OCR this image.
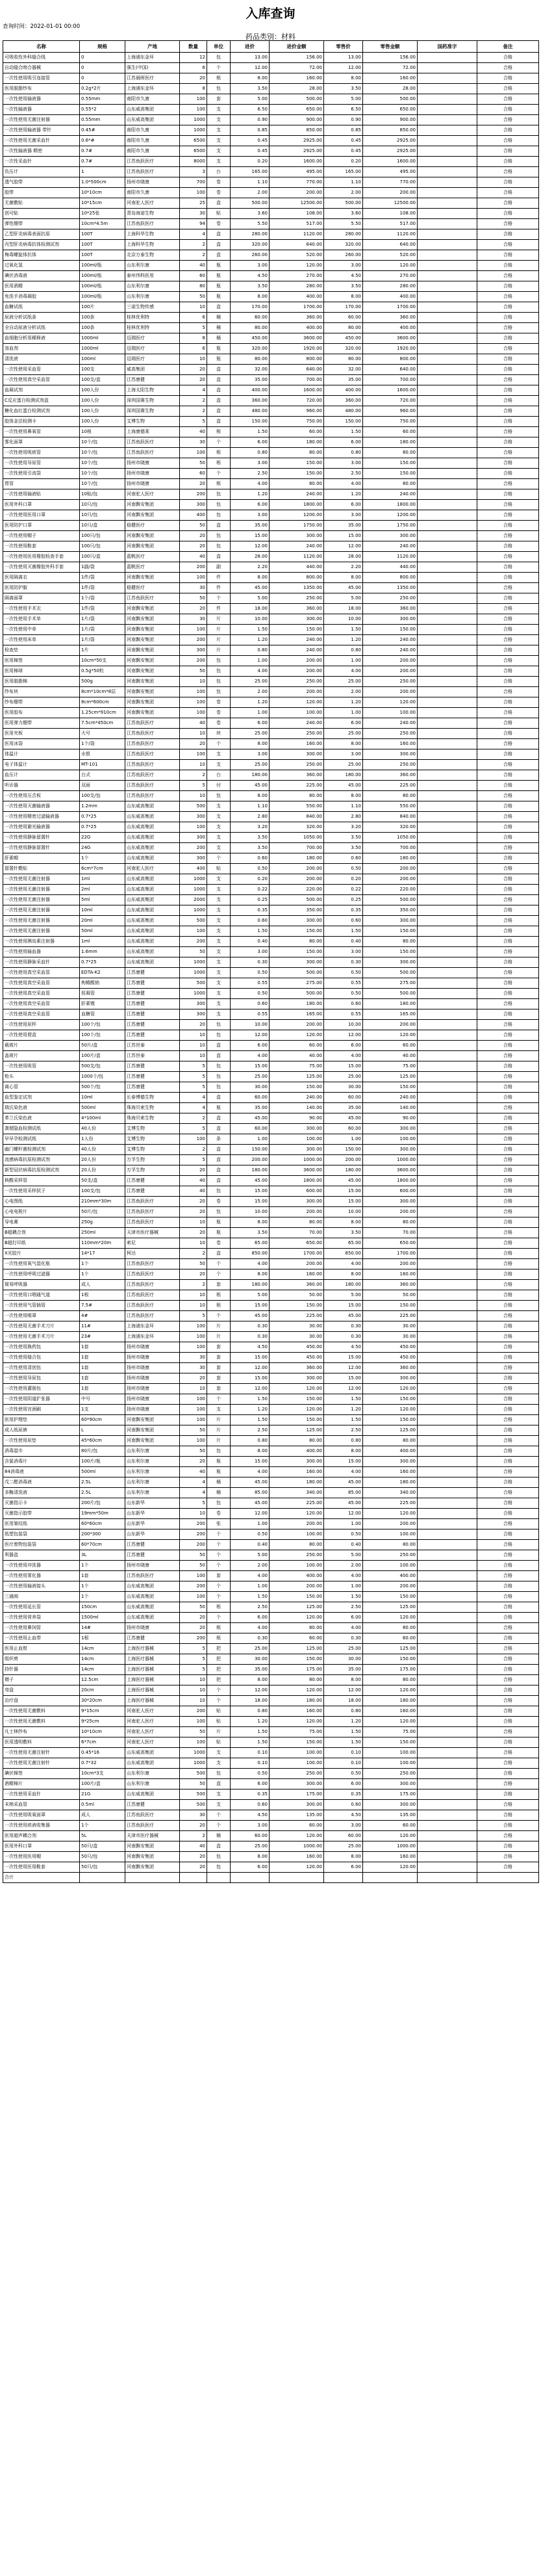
入库查询
查询时间：2022-01-01 00:00
药品类别：材料
名称	规格	产地	数量	单位	进价	进价金额	零售价	零售金额	国药准字	备注
可吸收性外科缝合线	0	上海浦东金环	12	包	13.00	156.00	13.00	156.00		合格
自动缝合吻合器械	0	强生(中国)	6	个	12.00	72.00	12.00	72.00		合格
一次性使用吸引连接管	0	江苏晨晖医疗	20	根	8.00	160.00	8.00	160.00		合格
医用脱脂纱布	0.2g*2片	上海浦东金环	8	包	3.50	28.00	3.50	28.00		合格
一次性使用输液器	0.55mm	南阳市久康	100	套	5.00	500.00	5.00	500.00		合格
一次性输液器	0.55*2	山东威高集团	100	支	6.50	650.00	6.50	650.00		合格
一次性使用无菌注射器	0.55mm	山东威高集团	1000	支	0.90	900.00	0.90	900.00		合格
一次性使用输液器 带针	0.45#	南阳市久康	1000	支	0.85	850.00	0.85	850.00		合格
一次性使用无菌采血针	0.6*#	南阳市久康	6500	支	0.45	2925.00	0.45	2925.00		合格
一次性输液器 精密	0.7#	南阳市久康	6500	支	0.45	2925.00	0.45	2925.00		合格
一次性采血针	0.7#	江苏鱼跃医疗	8000	支	0.20	1600.00	0.20	1600.00		合格
负压计	1	江苏鱼跃医疗	3	台	165.00	495.00	165.00	495.00		合格
透气胶带	1.0*500cm	扬州市晓康	700	卷	1.10	770.00	1.10	770.00		合格
胶带	10*10cm	南阳市久康	100	卷	2.00	200.00	2.00	200.00		合格
无菌敷贴	10*15cm	河南驼人医疗	25	盒	500.00	12500.00	500.00	12500.00		合格
创可贴	10*25张	青岛海诺生物	30	贴	3.60	108.00	3.60	108.00		合格
弹性绷带	10cm*4.5m	江苏鱼跃医疗	94	卷	5.50	517.00	5.50	517.00		合格
乙型肝炎病毒表面抗原	100T	上海科华生物	4	盒	280.00	1120.00	280.00	1120.00		合格
丙型肝炎病毒抗体检测试剂	100T	上海科华生物	2	盒	320.00	640.00	320.00	640.00		合格
梅毒螺旋体抗体	100T	北京万泰生物	2	盒	260.00	520.00	260.00	520.00		合格
过氧化氢	100ml/瓶	山东利尔康	40	瓶	3.00	120.00	3.00	120.00		合格
碘伏消毒液	100ml/瓶	泰州伟科医用	60	瓶	4.50	270.00	4.50	270.00		合格
医用酒精	100ml/瓶	山东利尔康	80	瓶	3.50	280.00	3.50	280.00		合格
免洗手消毒凝胶	100ml/瓶	山东利尔康	50	瓶	8.00	400.00	8.00	400.00		合格
血糖试纸	100片	三诺生物传感	10	盒	170.00	1700.00	170.00	1700.00		合格
尿液分析试纸条	100条	桂林优利特	6	桶	60.00	360.00	60.00	360.00		合格
全自动尿液分析试纸	100条	桂林优利特	5	桶	80.00	400.00	80.00	400.00		合格
血细胞分析用稀释液	1000ml	迈瑞医疗	8	桶	450.00	3600.00	450.00	3600.00		合格
溶血剂	1000ml	迈瑞医疗	6	瓶	320.00	1920.00	320.00	1920.00		合格
清洗液	100ml	迈瑞医疗	10	瓶	80.00	800.00	80.00	800.00		合格
一次性使用采血管	100支	威高集团	20	盒	32.00	640.00	32.00	640.00		合格
一次性使用真空采血管	100支/盒	江苏康健	20	盒	35.00	700.00	35.00	700.00		合格
血凝试剂	100人份	上海太阳生物	4	盒	400.00	1600.00	400.00	1600.00		合格
C反应蛋白检测试剂盒	100人份	深圳国赛生物	2	盒	360.00	720.00	360.00	720.00		合格
糖化血红蛋白检测试剂	100人份	深圳国赛生物	2	盒	480.00	960.00	480.00	960.00		合格
胶体金法检测卡	100人份	艾博生物	5	盒	150.00	750.00	150.00	750.00		合格
一次性使用鼻氧管	10根	上海康德莱	40	根	1.50	60.00	1.50	60.00		合格
雾化面罩	10个/包	江苏鱼跃医疗	30	个	6.00	180.00	6.00	180.00		合格
一次性使用吸痰管	10个/包	江苏鱼跃医疗	100	根	0.80	80.00	0.80	80.00		合格
一次性使用导尿管	10个/包	扬州市晓康	50	根	3.00	150.00	3.00	150.00		合格
一次性使用引流袋	10个/包	扬州市晓康	60	个	2.50	150.00	2.50	150.00		合格
胃管	10个/包	扬州市晓康	20	根	4.00	80.00	4.00	80.00		合格
一次性使用输液贴	10贴/包	河南驼人医疗	200	包	1.20	240.00	1.20	240.00		合格
医用外科口罩	10只/包	河南飘安集团	300	包	6.00	1800.00	6.00	1800.00		合格
一次性使用医用口罩	10只/包	河南飘安集团	400	包	3.00	1200.00	3.00	1200.00		合格
医用防护口罩	10只/盒	稳健医疗	50	盒	35.00	1750.00	35.00	1750.00		合格
一次性使用帽子	100只/包	河南飘安集团	20	包	15.00	300.00	15.00	300.00		合格
一次性使用鞋套	100只/包	河南飘安集团	20	包	12.00	240.00	12.00	240.00		合格
一次性使用医用橡胶检查手套	100只/盒	蓝帆医疗	40	盒	28.00	1120.00	28.00	1120.00		合格
一次性使用灭菌橡胶外科手套	1副/袋	蓝帆医疗	200	副	2.20	440.00	2.20	440.00		合格
医用隔离衣	1件/袋	河南飘安集团	100	件	8.00	800.00	8.00	800.00		合格
医用防护服	1件/袋	稳健医疗	30	件	45.00	1350.00	45.00	1350.00		合格
隔离面罩	1个/袋	江苏鱼跃医疗	50	个	5.00	250.00	5.00	250.00		合格
一次性使用手术衣	1件/袋	河南飘安集团	20	件	18.00	360.00	18.00	360.00		合格
一次性使用手术单	1片/袋	河南飘安集团	30	片	10.00	300.00	10.00	300.00		合格
一次性使用中单	1片/袋	河南飘安集团	100	片	1.50	150.00	1.50	150.00		合格
一次性使用床单	1片/袋	河南飘安集团	200	片	1.20	240.00	1.20	240.00		合格
检查垫	1片	河南飘安集团	300	片	0.80	240.00	0.80	240.00		合格
医用棉签	10cm*50支	河南飘安集团	200	包	1.00	200.00	1.00	200.00		合格
医用棉球	0.5g*50粒	河南飘安集团	50	包	4.00	200.00	4.00	200.00		合格
医用脱脂棉	500g	河南飘安集团	10	包	25.00	250.00	25.00	250.00		合格
纱布块	8cm*10cm*8层	河南飘安集团	100	包	2.00	200.00	2.00	200.00		合格
纱布绷带	8cm*600cm	河南飘安集团	100	卷	1.20	120.00	1.20	120.00		合格
医用胶布	1.25cm*910cm	河南飘安集团	100	卷	1.00	100.00	1.00	100.00		合格
医用弹力绷带	7.5cm*450cm	江苏鱼跃医疗	40	卷	6.00	240.00	6.00	240.00		合格
医用夹板	大号	江苏鱼跃医疗	10	块	25.00	250.00	25.00	250.00		合格
医用冰袋	1个/袋	江苏鱼跃医疗	20	个	8.00	160.00	8.00	160.00		合格
体温计	水银	江苏鱼跃医疗	100	支	3.00	300.00	3.00	300.00		合格
电子体温计	MT-101	江苏鱼跃医疗	10	支	25.00	250.00	25.00	250.00		合格
血压计	台式	江苏鱼跃医疗	2	台	180.00	360.00	180.00	360.00		合格
听诊器	双面	江苏鱼跃医疗	5	付	45.00	225.00	45.00	225.00		合格
一次性使用压舌板	100支/包	江苏鱼跃医疗	10	包	8.00	80.00	8.00	80.00		合格
一次性使用灭菌输液器	1.2mm	山东威高集团	500	支	1.10	550.00	1.10	550.00		合格
一次性使用精密过滤输液器	0.7*25	山东威高集团	300	支	2.80	840.00	2.80	840.00		合格
一次性使用避光输液器	0.7*25	山东威高集团	100	支	3.20	320.00	3.20	320.00		合格
一次性使用静脉留置针	22G	山东威高集团	300	支	3.50	1050.00	3.50	1050.00		合格
一次性使用静脉留置针	24G	山东威高集团	200	支	3.50	700.00	3.50	700.00		合格
肝素帽	1个	山东威高集团	300	个	0.60	180.00	0.60	180.00		合格
留置针敷贴	6cm*7cm	河南驼人医疗	400	贴	0.50	200.00	0.50	200.00		合格
一次性使用无菌注射器	1ml	山东威高集团	1000	支	0.20	200.00	0.20	200.00		合格
一次性使用无菌注射器	2ml	山东威高集团	1000	支	0.22	220.00	0.22	220.00		合格
一次性使用无菌注射器	5ml	山东威高集团	2000	支	0.25	500.00	0.25	500.00		合格
一次性使用无菌注射器	10ml	山东威高集团	1000	支	0.35	350.00	0.35	350.00		合格
一次性使用无菌注射器	20ml	山东威高集团	500	支	0.60	300.00	0.60	300.00		合格
一次性使用无菌注射器	50ml	山东威高集团	100	支	1.50	150.00	1.50	150.00		合格
一次性使用胰岛素注射器	1ml	山东威高集团	200	支	0.40	80.00	0.40	80.00		合格
一次性使用输血器	1.6mm	山东威高集团	50	支	3.00	150.00	3.00	150.00		合格
一次性使用静脉采血针	0.7*25	山东威高集团	1000	支	0.30	300.00	0.30	300.00		合格
一次性使用真空采血管	EDTA-K2	江苏康健	1000	支	0.50	500.00	0.50	500.00		合格
一次性使用真空采血管	枸橼酸钠	江苏康健	500	支	0.55	275.00	0.55	275.00		合格
一次性使用真空采血管	促凝管	江苏康健	1000	支	0.50	500.00	0.50	500.00		合格
一次性使用真空采血管	肝素锂	江苏康健	300	支	0.60	180.00	0.60	180.00		合格
一次性使用真空采血管	血糖管	江苏康健	300	支	0.55	165.00	0.55	165.00		合格
一次性使用尿杯	100个/包	江苏康健	20	包	10.00	200.00	10.00	200.00		合格
一次性使用便盒	100个/包	江苏康健	10	包	12.00	120.00	12.00	120.00		合格
载玻片	50片/盒	江苏世泰	10	盒	6.00	60.00	6.00	60.00		合格
盖玻片	100片/盒	江苏世泰	10	盒	4.00	40.00	4.00	40.00		合格
一次性使用吸管	500支/包	江苏康健	5	包	15.00	75.00	15.00	75.00		合格
枪头	1000个/包	江苏康健	5	包	25.00	125.00	25.00	125.00		合格
离心管	500个/包	江苏康健	5	包	30.00	150.00	30.00	150.00		合格
血型鉴定试剂	10ml	长春博德生物	4	盒	60.00	240.00	60.00	240.00		合格
瑞氏染色液	500ml	珠海贝索生物	4	瓶	35.00	140.00	35.00	140.00		合格
革兰氏染色液	4*100ml	珠海贝索生物	2	盒	45.00	90.00	45.00	90.00		合格
粪便隐血检测试纸	40人份	艾博生物	5	盒	60.00	300.00	60.00	300.00		合格
早早孕检测试纸	1人份	艾博生物	100	条	1.00	100.00	1.00	100.00		合格
幽门螺杆菌检测试剂	40人份	艾博生物	2	盒	150.00	300.00	150.00	300.00		合格
流感病毒抗原检测试剂	20人份	万孚生物	5	盒	200.00	1000.00	200.00	1000.00		合格
新型冠状病毒抗原检测试剂	20人份	万孚生物	20	盒	180.00	3600.00	180.00	3600.00		合格
核酸采样管	50支/盒	江苏康健	40	盒	45.00	1800.00	45.00	1800.00		合格
一次性使用采样拭子	100支/包	江苏康健	40	包	15.00	600.00	15.00	600.00		合格
心电图纸	210mm*30m	江苏鱼跃医疗	20	卷	15.00	300.00	15.00	300.00		合格
心电电极片	50片/包	江苏鱼跃医疗	20	包	10.00	200.00	10.00	200.00		合格
导电膏	250g	江苏鱼跃医疗	10	瓶	8.00	80.00	8.00	80.00		合格
B超耦合剂	250ml	天津市医疗器械	20	瓶	3.50	70.00	3.50	70.00		合格
B超打印纸	110mm*20m	索尼	10	卷	65.00	650.00	65.00	650.00		合格
X光胶片	14*17	柯达	2	盒	850.00	1700.00	850.00	1700.00		合格
一次性使用氧气湿化瓶	1个	江苏鱼跃医疗	50	个	4.00	200.00	4.00	200.00		合格
一次性使用呼吸过滤器	1个	江苏鱼跃医疗	20	个	8.00	160.00	8.00	160.00		合格
简易呼吸器	成人	江苏鱼跃医疗	2	套	180.00	360.00	180.00	360.00		合格
一次性使用口咽通气道	1根	江苏鱼跃医疗	10	根	5.00	50.00	5.00	50.00		合格
一次性使用气管插管	7.5#	江苏鱼跃医疗	10	根	15.00	150.00	15.00	150.00		合格
一次性使用喉罩	4#	江苏鱼跃医疗	5	个	45.00	225.00	45.00	225.00		合格
一次性使用无菌手术刀片	11#	上海浦东金环	100	片	0.30	30.00	0.30	30.00		合格
一次性使用无菌手术刀片	23#	上海浦东金环	100	片	0.30	30.00	0.30	30.00		合格
一次性使用换药包	1套	扬州市晓康	100	套	4.50	450.00	4.50	450.00		合格
一次性使用缝合包	1套	扬州市晓康	30	套	15.00	450.00	15.00	450.00		合格
一次性使用清创包	1套	扬州市晓康	30	套	12.00	360.00	12.00	360.00		合格
一次性使用导尿包	1套	扬州市晓康	20	套	15.00	300.00	15.00	300.00		合格
一次性使用灌肠包	1套	扬州市晓康	10	套	12.00	120.00	12.00	120.00		合格
一次性使用阴道扩张器	中号	扬州市晓康	100	个	1.50	150.00	1.50	150.00		合格
一次性使用宫颈刷	1支	扬州市晓康	100	支	1.20	120.00	1.20	120.00		合格
医用护理垫	60*90cm	河南飘安集团	100	片	1.50	150.00	1.50	150.00		合格
成人纸尿裤	L	河南飘安集团	50	片	2.50	125.00	2.50	125.00		合格
一次性使用尿垫	45*60cm	河南飘安集团	100	片	0.80	80.00	0.80	80.00		合格
消毒湿巾	80片/包	山东利尔康	50	包	8.00	400.00	8.00	400.00		合格
含氯消毒片	100片/瓶	山东利尔康	20	瓶	15.00	300.00	15.00	300.00		合格
84消毒液	500ml	山东利尔康	40	瓶	4.00	160.00	4.00	160.00		合格
戊二醛消毒液	2.5L	山东利尔康	4	桶	45.00	180.00	45.00	180.00		合格
多酶清洗液	2.5L	山东利尔康	4	桶	85.00	340.00	85.00	340.00		合格
灭菌指示卡	200片/包	山东新华	5	包	45.00	225.00	45.00	225.00		合格
灭菌指示胶带	19mm*50m	山东新华	10	卷	12.00	120.00	12.00	120.00		合格
医用皱纹纸	60*60cm	山东新华	200	张	1.00	200.00	1.00	200.00		合格
纸塑包装袋	200*300	山东新华	200	个	0.50	100.00	0.50	100.00		合格
医疗废物包装袋	60*70cm	江苏康健	200	个	0.40	80.00	0.40	80.00		合格
利器盒	3L	江苏康健	50	个	5.00	250.00	5.00	250.00		合格
一次性使用冲洗器	1个	扬州市晓康	50	个	2.00	100.00	2.00	100.00		合格
一次性使用雾化器	1套	江苏鱼跃医疗	100	套	4.00	400.00	4.00	400.00		合格
一次性使用输液接头	1个	山东威高集团	200	个	1.00	200.00	1.00	200.00		合格
三通阀	1个	山东威高集团	100	个	1.50	150.00	1.50	150.00		合格
一次性使用延长管	150cm	山东威高集团	50	根	2.50	125.00	2.50	125.00		合格
一次性使用营养袋	1500ml	山东威高集团	20	个	6.00	120.00	6.00	120.00		合格
一次性使用鼻饲管	14#	扬州市晓康	20	根	4.00	80.00	4.00	80.00		合格
一次性使用止血带	1根	江苏康健	200	根	0.30	60.00	0.30	60.00		合格
医用止血钳	14cm	上海医疗器械	5	把	25.00	125.00	25.00	125.00		合格
组织剪	14cm	上海医疗器械	5	把	30.00	150.00	30.00	150.00		合格
持针器	14cm	上海医疗器械	5	把	35.00	175.00	35.00	175.00		合格
镊子	12.5cm	上海医疗器械	10	把	8.00	80.00	8.00	80.00		合格
弯盘	20cm	上海医疗器械	10	个	12.00	120.00	12.00	120.00		合格
治疗盘	30*20cm	上海医疗器械	10	个	18.00	180.00	18.00	180.00		合格
一次性使用无菌敷料	9*15cm	河南驼人医疗	200	贴	0.80	160.00	0.80	160.00		合格
一次性使用无菌敷料	9*25cm	河南驼人医疗	100	贴	1.20	120.00	1.20	120.00		合格
凡士林纱布	10*10cm	河南驼人医疗	50	片	1.50	75.00	1.50	75.00		合格
医用透明敷料	6*7cm	河南驼人医疗	100	贴	1.50	150.00	1.50	150.00		合格
一次性使用无菌注射针	0.45*16	山东威高集团	1000	支	0.10	100.00	0.10	100.00		合格
一次性使用无菌注射针	0.7*32	山东威高集团	1000	支	0.10	100.00	0.10	100.00		合格
碘伏棉签	10cm*3支	山东利尔康	500	包	0.50	250.00	0.50	250.00		合格
酒精棉片	100片/盒	山东利尔康	50	盒	6.00	300.00	6.00	300.00		合格
一次性使用采血针	21G	山东威高集团	500	支	0.35	175.00	0.35	175.00		合格
末梢采血管	0.5ml	江苏康健	500	支	0.60	300.00	0.60	300.00		合格
一次性使用吸氧面罩	成人	江苏鱼跃医疗	30	个	4.50	135.00	4.50	135.00		合格
一次性使用痰液收集器	1个	江苏鱼跃医疗	20	个	3.00	60.00	3.00	60.00		合格
医用超声耦合剂	5L	天津市医疗器械	2	桶	60.00	120.00	60.00	120.00		合格
医用外科口罩	50只/盒	河南飘安集团	40	盒	25.00	1000.00	25.00	1000.00		合格
一次性使用医用帽	50只/包	河南飘安集团	20	包	8.00	160.00	8.00	160.00		合格
一次性使用医用鞋套	50只/包	河南飘安集团	20	包	6.00	120.00	6.00	120.00		合格
合计										
